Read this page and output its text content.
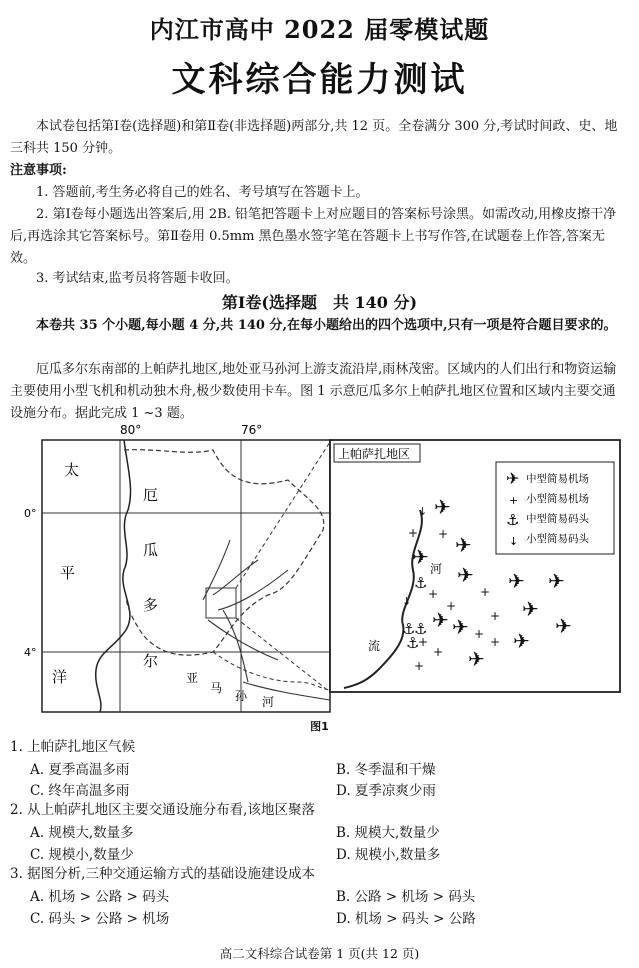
内江市高中 2022 届零模试题
文科综合能力测试
本试卷包括第Ⅰ卷(选择题)和第Ⅱ卷(非选择题)两部分,共 12 页。全卷满分 300 分,考试时间政、史、地三科共 150 分钟。
注意事项:
1. 答题前,考生务必将自己的姓名、考号填写在答题卡上。
2. 第Ⅰ卷每小题选出答案后,用 2B. 铅笔把答题卡上对应题目的答案标号涂黑。如需改动,用橡皮擦干净后,再选涂其它答案标号。第Ⅱ卷用 0.5mm 黑色墨水签字笔在答题卡上书写作答,在试题卷上作答,答案无效。
3. 考试结束,监考员将答题卡收回。
第Ⅰ卷(选择题　共 140 分)
本卷共 35 个小题,每小题 4 分,共 140 分,在每小题给出的四个选项中,只有一项是符合题目要求的。
厄瓜多尔东南部的上帕萨扎地区,地处亚马孙河上游支流沿岸,雨林茂密。区域内的人们出行和物资运输主要使用小型飞机和机动独木舟,极少数使用卡车。图 1 示意厄瓜多尔上帕萨扎地区位置和区域内主要交通设施分布。据此完成 1 ~3 题。
80°	76°
0°
4°
太
平
洋
厄
瓜
多
尔
亚
马
孙 河
上帕萨扎地区
河
流
✈ 中型简易机场
+ 小型简易机场
⚓ 中型简易码头
↓ 小型简易码头
✈
✈
✈
✈ ✈ ✈
✈
✈	✈
✈
✈
✈
+ +
+	+
+
+
+
+
+
+
+
⚓
⚓
⚓
⚓
↓
↓
图1
1. 上帕萨扎地区气候
A. 夏季高温多雨	B. 冬季温和干燥
C. 终年高温多雨	D. 夏季凉爽少雨
2. 从上帕萨扎地区主要交通设施分布看,该地区聚落
A. 规模大,数量多	B. 规模大,数量少
C. 规模小,数量少	D. 规模小,数量多
3. 据图分析,三种交通运输方式的基础设施建设成本
A. 机场 > 公路 > 码头	B. 公路 > 机场 > 码头
C. 码头 > 公路 > 机场	D. 机场 > 码头 > 公路
高二文科综合试卷第 1 页(共 12 页)
